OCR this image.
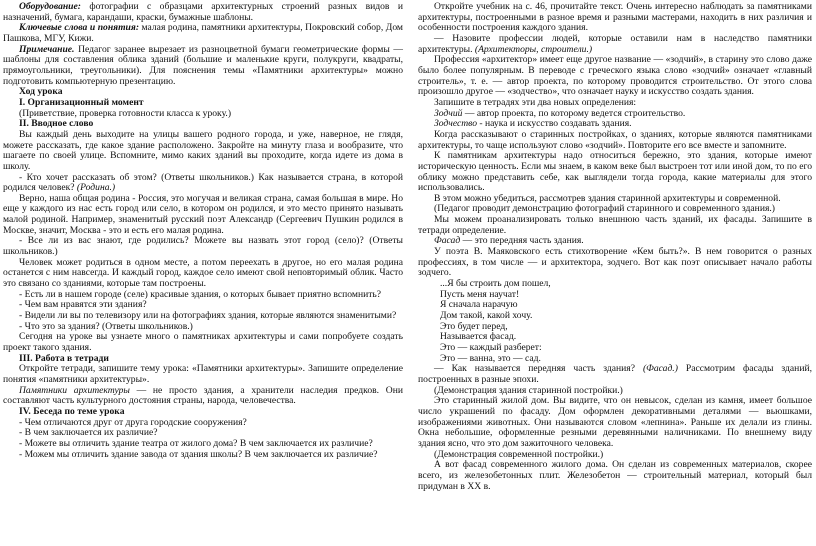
Оборудование: фотографии с образцами архитектурных строений разных видов и назначений, бумага, карандаши, краски, бумажные шаблоны.

Ключевые слова и понятия: малая родина, памятники архитектуры, Покровский собор, Дом Пашкова, МГУ, Кижи.

Примечание. Педагог заранее вырезает из разноцветной бумаги геометрические формы — шаблоны для составления облика зданий (большие и маленькие круги, полукруги, квадраты, прямоугольники, треугольники). Для пояснения темы «Памятники архитектуры» можно подготовить компьютерную презентацию.

Ход урока

I. Организационный момент

(Приветствие, проверка готовности класса к уроку.)

II. Вводное слово

Вы каждый день выходите на улицы вашего родного города, и уже, наверное, не глядя, можете рассказать, где какое здание расположено. Закройте на минуту глаза и вообразите, что шагаете по своей улице. Вспомните, мимо каких зданий вы проходите, когда идете из дома в школу.

- Кто хочет рассказать об этом? (Ответы школьников.) Как называется страна, в которой родился человек? (Родина.)

Верно, наша общая родина - Россия, это могучая и великая страна, самая большая в мире. Но еще у каждого из нас есть город или село, в котором он родился, и это место принято называть малой родиной. Например, знаменитый русский поэт Александр (Сергеевич Пушкин родился в Москве, значит, Москва - это и есть его малая родина.

- Все ли из вас знают, где родились? Можете вы назвать этот город (село)? (Ответы школьников.)

Человек может родиться в одном месте, а потом переехать в другое, но его малая родина останется с ним навсегда. И каждый город, каждое село имеют свой неповторимый облик. Часто это связано со зданиями, которые там построены.

- Есть ли в нашем городе (селе) красивые здания, о которых бывает приятно вспомнить?

- Чем вам нравятся эти здания?

- Видели ли вы по телевизору или на фотографиях здания, которые являются знаменитыми?

- Что это за здания? (Ответы школьников.)

Сегодня на уроке вы узнаете много о памятниках архитектуры и сами попробуете создать проект такого здания.

III. Работа в тетради

Откройте тетради, запишите тему урока: «Памятники архитектуры». Запишите определение понятия «памятники архитектуры».

Памятники архитектуры — не просто здания, а хранители наследия предков. Они составляют часть культурного достояния страны, народа, человечества.

IV. Беседа по теме урока

- Чем отличаются друг от друга городские сооружения?

- В чем заключается их различие?

- Можете вы отличить здание театра от жилого дома? В чем заключается их различие?

- Можем мы отличить здание завода от здания школы? В чем заключается их различие?

Откройте учебник на с. 46, прочитайте текст. Очень интересно наблюдать за памятниками архитектуры, построенными в разное время и разными мастерами, находить в них различия и особенности построения каждого здания.

— Назовите профессии людей, которые оставили нам в наследство памятники архитектуры. (Архитекторы, строители.)

Профессия «архитектор» имеет еще другое название — «зодчий», в старину это слово даже было более популярным. В переводе с греческого языка слово «зодчий» означает «главный строитель», т. е. — автор проекта, по которому проводится строительство. От этого слова произошло другое — «зодчество», что означает науку и искусство создать здания.

Запишите в тетрадях эти два новых определения:

Зодчий — автор проекта, по которому ведется строительство.

Зодчество - наука и искусство создавать здания.

Когда рассказывают о старинных постройках, о зданиях, которые являются памятниками архитектуры, то чаще используют слово «зодчий». Повторите его все вместе и запомните.

К памятникам архитектуры надо относиться бережно, это здания, которые имеют историческую ценность. Если мы знаем, в каком веке был выстроен тот или иной дом, то по его облику можно представить себе, как выглядели тогда города, какие материалы для этого использовались.

В этом можно убедиться, рассмотрев здания старинной архитектуры и современной.

(Педагог проводит демонстрацию фотографий старинного и современного здания.)

Мы можем проанализировать только внешнюю часть зданий, их фасады. Запишите в тетради определение.

Фасад — это передняя часть здания.

У поэта В. Маяковского есть стихотворение «Кем быть?». В нем говорится о разных профессиях, в том числе — и архитектора, зодчего. Вот как поэт описывает начало работы зодчего.

...Я бы строить дом пошел,

Пусть меня научат!

Я сначала нарачую

Дом такой, какой хочу.

Это будет перед,

Называется фасад.

Это — каждый разберет:

Это — ванна, это — сад.

— Как называется передняя часть здания? (Фасад.) Рассмотрим фасады зданий, построенных в разные эпохи.

(Демонстрация здания старинной постройки.)

Это старинный жилой дом. Вы видите, что он невысок, сделан из камня, имеет большое число украшений по фасаду. Дом оформлен декоративными деталями — вьюшками, изображениями животных. Они называются словом «лепнина». Раньше их делали из глины. Окна небольшие, оформленные резными деревянными наличниками. По внешнему виду здания ясно, что это дом зажиточного человека.

(Демонстрация современной постройки.)

А вот фасад современного жилого дома. Он сделан из современных материалов, скорее всего, из железобетонных плит. Железобетон — строительный материал, который был придуман в XX в.
